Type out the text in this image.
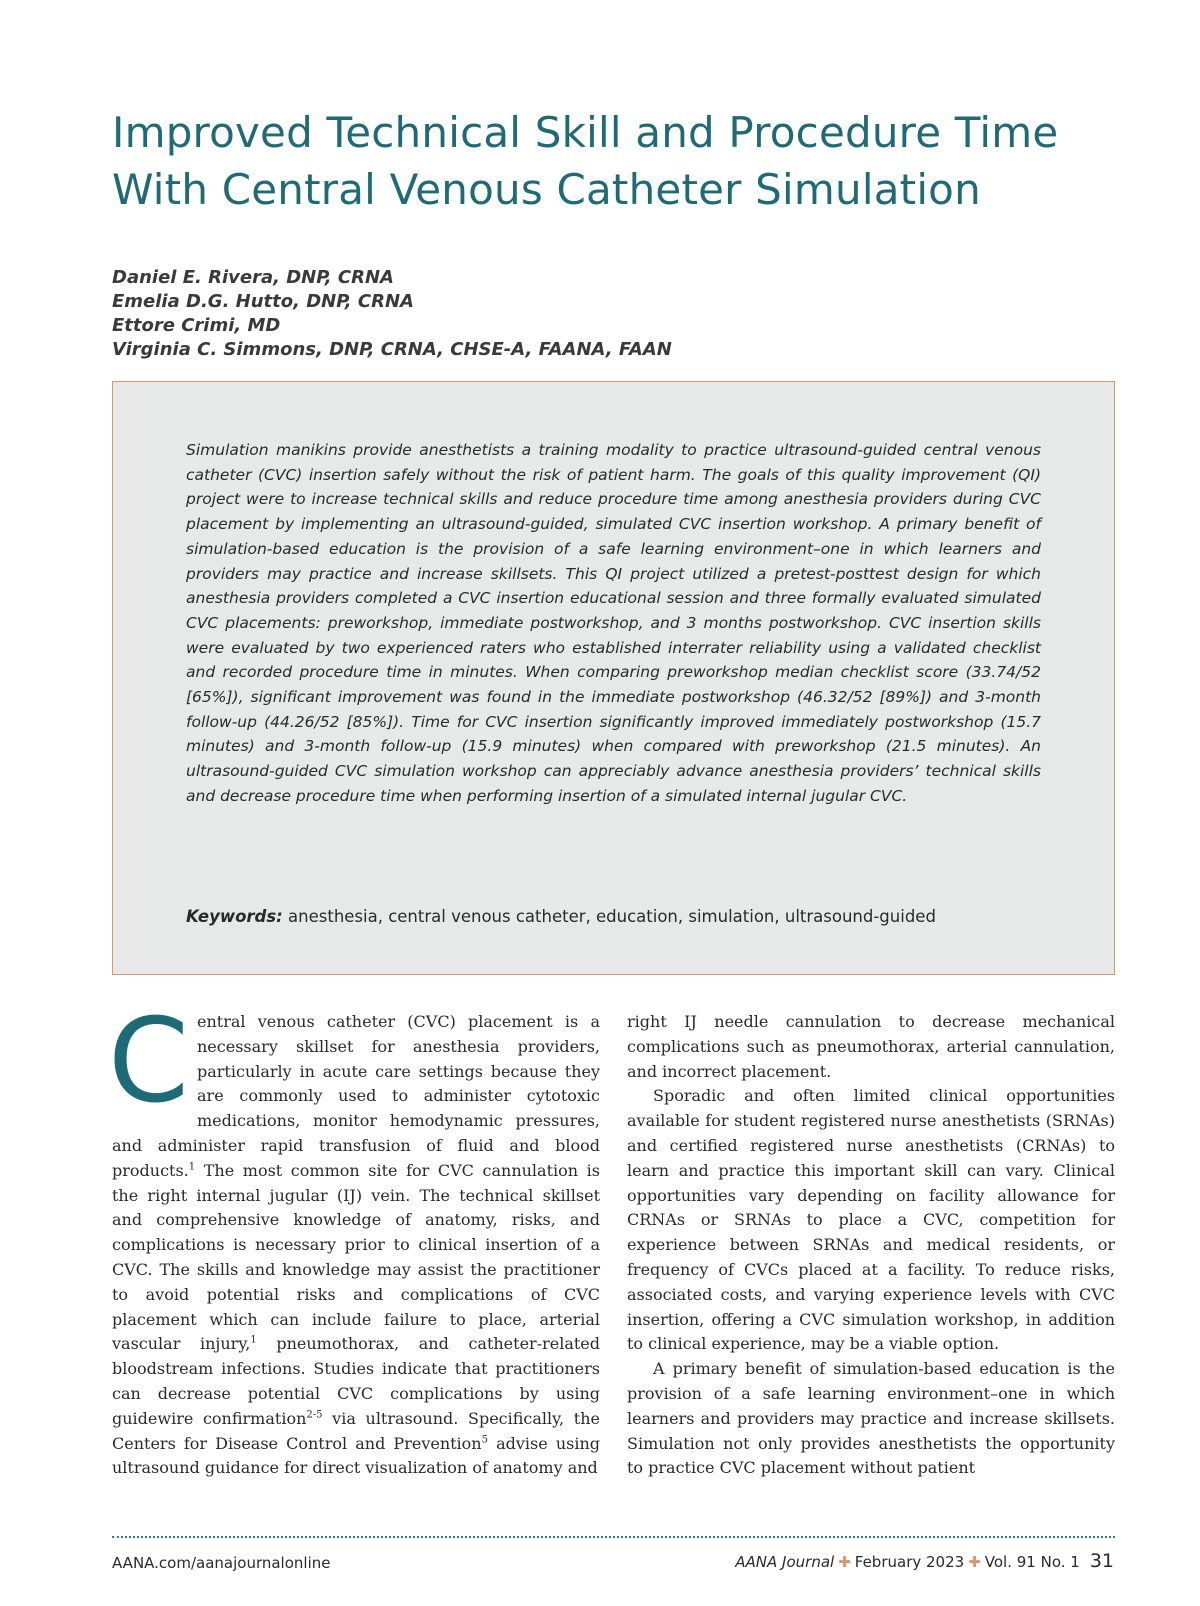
Improved Technical Skill and Procedure Time
With Central Venous Catheter Simulation
Daniel E. Rivera, DNP, CRNA
Emelia D.G. Hutto, DNP, CRNA
Ettore Crimi, MD
Virginia C. Simmons, DNP, CRNA, CHSE-A, FAANA, FAAN
Simulation manikins provide anesthetists a training modality to practice ultrasound-guided central venous catheter (CVC) insertion safely without the risk of patient harm. The goals of this quality improvement (QI) project were to increase technical skills and reduce procedure time among anesthesia providers during CVC placement by implementing an ultrasound-guided, simulated CVC insertion workshop. A primary benefit of simulation-based education is the provision of a safe learning environment–one in which learners and providers may practice and increase skillsets. This QI project utilized a pretest-posttest design for which anesthesia providers completed a CVC insertion educational session and three formally evaluated simulated CVC placements: preworkshop, immediate postworkshop, and 3 months postworkshop. CVC insertion skills were evaluated by two experienced raters who established interrater reliability using a validated checklist and recorded procedure time in minutes. When comparing preworkshop median checklist score (33.74/52 [65%]), significant improvement was found in the immediate postworkshop (46.32/52 [89%]) and 3-month follow-up (44.26/52 [85%]). Time for CVC insertion significantly improved immediately postworkshop (15.7 minutes) and 3-month follow-up (15.9 minutes) when compared with preworkshop (21.5 minutes). An ultrasound-guided CVC simulation workshop can appreciably advance anesthesia providers’ technical skills and decrease procedure time when performing insertion of a simulated internal jugular CVC.
Keywords: anesthesia, central venous catheter, education, simulation, ultrasound-guided

Central venous catheter (CVC) placement is a necessary skillset for anesthesia providers, particularly in acute care settings because they are commonly used to administer cytotoxic medications, monitor hemodynamic pressures, and administer rapid transfusion of fluid and blood products.$^1$ The most common site for CVC cannulation is the right internal jugular (IJ) vein. The technical skillset and comprehensive knowledge of anatomy, risks, and complications is necessary prior to clinical insertion of a CVC. The skills and knowledge may assist the practitioner to avoid potential risks and complications of CVC placement which can include failure to place, arterial vascular injury,$^1$ pneumothorax, and catheter-related bloodstream infections. Studies indicate that practitioners can decrease potential CVC complications by using guidewire confirmation$^{2-5}$ via ultrasound. Specifically, the Centers for Disease Control and Prevention$^5$ advise using ultrasound guidance for direct visualization of anatomy and

right IJ needle cannulation to decrease mechanical complications such as pneumothorax, arterial cannulation, and incorrect placement.

Sporadic and often limited clinical opportunities available for student registered nurse anesthetists (SRNAs) and certified registered nurse anesthetists (CRNAs) to learn and practice this important skill can vary. Clinical opportunities vary depending on facility allowance for CRNAs or SRNAs to place a CVC, competition for experience between SRNAs and medical residents, or frequency of CVCs placed at a facility. To reduce risks, associated costs, and varying experience levels with CVC insertion, offering a CVC simulation workshop, in addition to clinical experience, may be a viable option.

A primary benefit of simulation-based education is the provision of a safe learning environment–one in which learners and providers may practice and increase skillsets. Simulation not only provides anesthetists the opportunity to practice CVC placement without patient

AANA.com/aanajournalonline	AANA Journal ✚ February 2023 ✚ Vol. 91 No. 1 31
